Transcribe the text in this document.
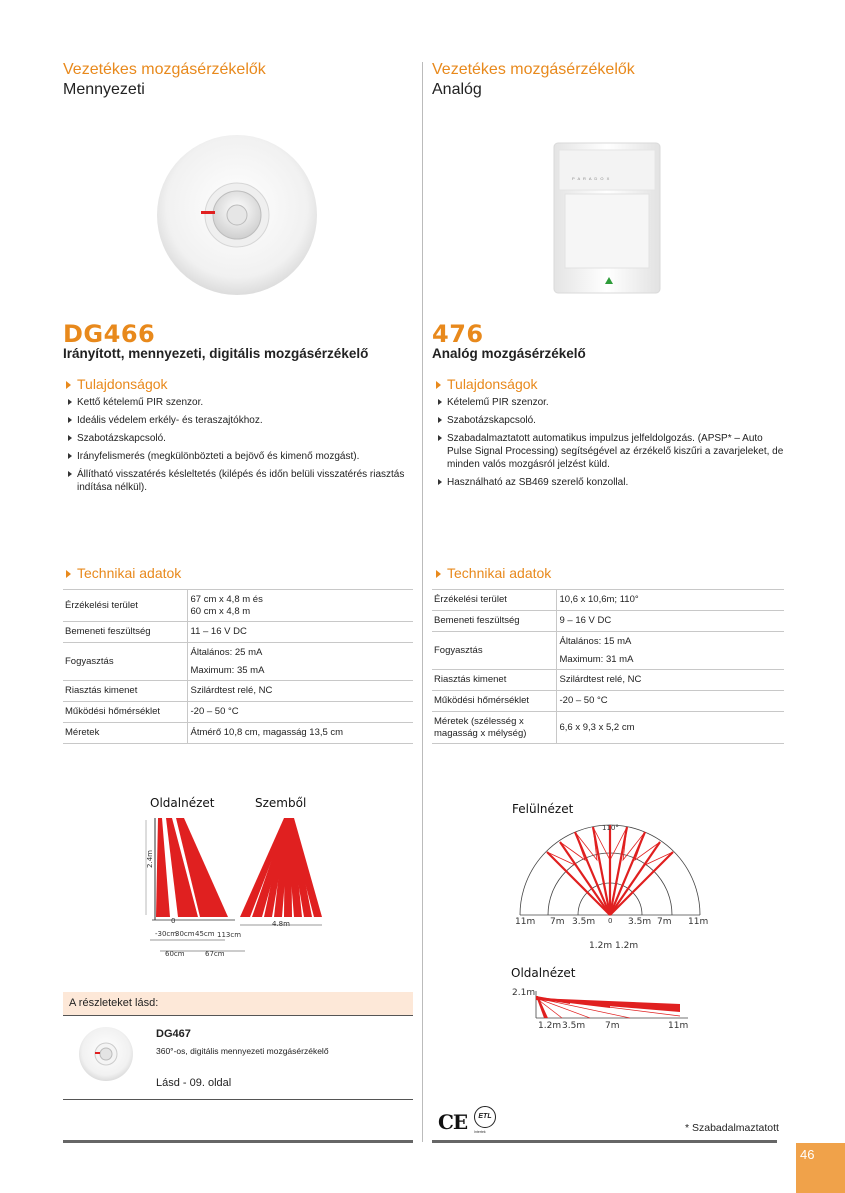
Vezetékes mozgásérzékelők
Mennyezeti
DG466
Irányított, mennyezeti, digitális mozgásérzékelő
Tulajdonságok
Kettő kételemű PIR szenzor.
Ideális védelem erkély- és teraszajtókhoz.
Szabotázskapcsoló.
Irányfelismerés (megkülönbözteti a bejövő és kimenő mozgást).
Állítható visszatérés késleltetés (kilépés és időn belüli visszatérés riasztás indítása nélkül).
Technikai adatok
Érzékelési terület	67 cm x 4,8 m és
60 cm x 4,8 m

Bemeneti feszültség	11 – 16 V DC
Fogyasztás	Általános: 25 mA
Maximum: 35 mA

Riasztás kimenet	Szilárdtest relé, NC
Működési hőmérséklet	-20 – 50 °C
Méretek	Átmérő 10,8 cm, magasság 13,5 cm
Oldalnézet	Szemből
2.4m
4.8m
0
-30cm
30cm 45cm 113cm
60cm	67cm
A részleteket lásd:
DG467
360°-os, digitális mennyezeti mozgásérzékelő
Lásd - 09. oldal
Vezetékes mozgásérzékelők
Analóg
P A R A D O X
476
Analóg mozgásérzékelő
Tulajdonságok
Kételemű PIR szenzor.
Szabotázskapcsoló.
Szabadalmaztatott automatikus impulzus jelfeldolgozás. (APSP* – Auto Pulse Signal Processing) segítségével az érzékelő kiszűri a zavarjeleket, de minden valós mozgásról jelzést küld.
Használható az SB469 szerelő konzollal.
Technikai adatok
Érzékelési terület	10,6 x 10,6m; 110°
Bemeneti feszültség	9 – 16 V DC
Fogyasztás	Általános: 15 mA
Maximum: 31 mA

Riasztás kimenet	Szilárdtest relé, NC
Működési hőmérséklet	-20 – 50 °C
Méretek (szélesség x magasság x mélység)	6,6 x 9,3 x 5,2 cm
Felülnézet
110°
11m 7m 3.5m 0 3.5m 7m 11m
1.2m 1.2m
Oldalnézet
2.1m
1.2m 3.5m 7m	11m
CE	ETL
Intertek	* Szabadalmaztatott
46
